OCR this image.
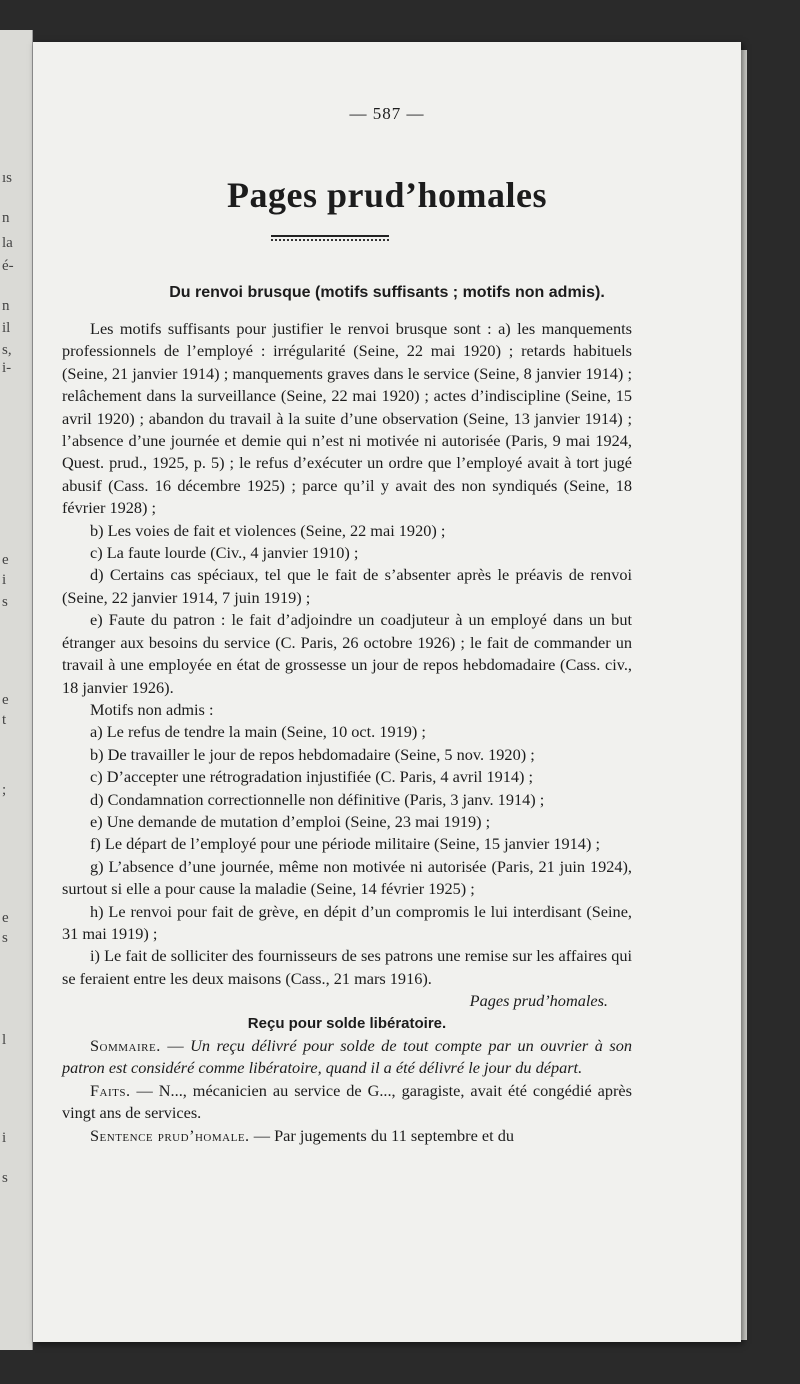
ıs
n
la
é-
n
il
s,
i-
e
i
s
e
t
;
e
s
l
i
s
— 587 —
Pages prud’homales
Du renvoi brusque (motifs suffisants ; motifs non admis).

Les motifs suffisants pour justifier le renvoi brusque sont : a) les manquements professionnels de l’employé : irrégularité (Seine, 22 mai 1920) ; retards habituels (Seine, 21 janvier 1914) ; manquements graves dans le service (Seine, 8 janvier 1914) ; relâchement dans la surveillance (Seine, 22 mai 1920) ; actes d’indiscipline (Seine, 15 avril 1920) ; abandon du travail à la suite d’une observation (Seine, 13 janvier 1914) ; l’absence d’une journée et demie qui n’est ni motivée ni autorisée (Paris, 9 mai 1924, Quest. prud., 1925, p. 5) ; le refus d’exécuter un ordre que l’employé avait à tort jugé abusif (Cass. 16 décembre 1925) ; parce qu’il y avait des non syndiqués (Seine, 18 février 1928) ;

b) Les voies de fait et violences (Seine, 22 mai 1920) ;

c) La faute lourde (Civ., 4 janvier 1910) ;

d) Certains cas spéciaux, tel que le fait de s’absenter après le préavis de renvoi (Seine, 22 janvier 1914, 7 juin 1919) ;

e) Faute du patron : le fait d’adjoindre un coadjuteur à un employé dans un but étranger aux besoins du service (C. Paris, 26 octobre 1926) ; le fait de commander un travail à une employée en état de grossesse un jour de repos hebdomadaire (Cass. civ., 18 janvier 1926).

Motifs non admis :

a) Le refus de tendre la main (Seine, 10 oct. 1919) ;

b) De travailler le jour de repos hebdomadaire (Seine, 5 nov. 1920) ;

c) D’accepter une rétrogradation injustifiée (C. Paris, 4 avril 1914) ;

d) Condamnation correctionnelle non définitive (Paris, 3 janv. 1914) ;

e) Une demande de mutation d’emploi (Seine, 23 mai 1919) ;

f) Le départ de l’employé pour une période militaire (Seine, 15 janvier 1914) ;

g) L’absence d’une journée, même non motivée ni autorisée (Paris, 21 juin 1924), surtout si elle a pour cause la maladie (Seine, 14 février 1925) ;

h) Le renvoi pour fait de grève, en dépit d’un compromis le lui interdisant (Seine, 31 mai 1919) ;

i) Le fait de solliciter des fournisseurs de ses patrons une remise sur les affaires qui se feraient entre les deux maisons (Cass., 21 mars 1916).

Pages prud’homales.

Reçu pour solde libératoire.

Sommaire. — Un reçu délivré pour solde de tout compte par un ouvrier à son patron est considéré comme libératoire, quand il a été délivré le jour du départ.

Faits. — N..., mécanicien au service de G..., garagiste, avait été congédié après vingt ans de services.

Sentence prud’homale. — Par jugements du 11 septembre et du
